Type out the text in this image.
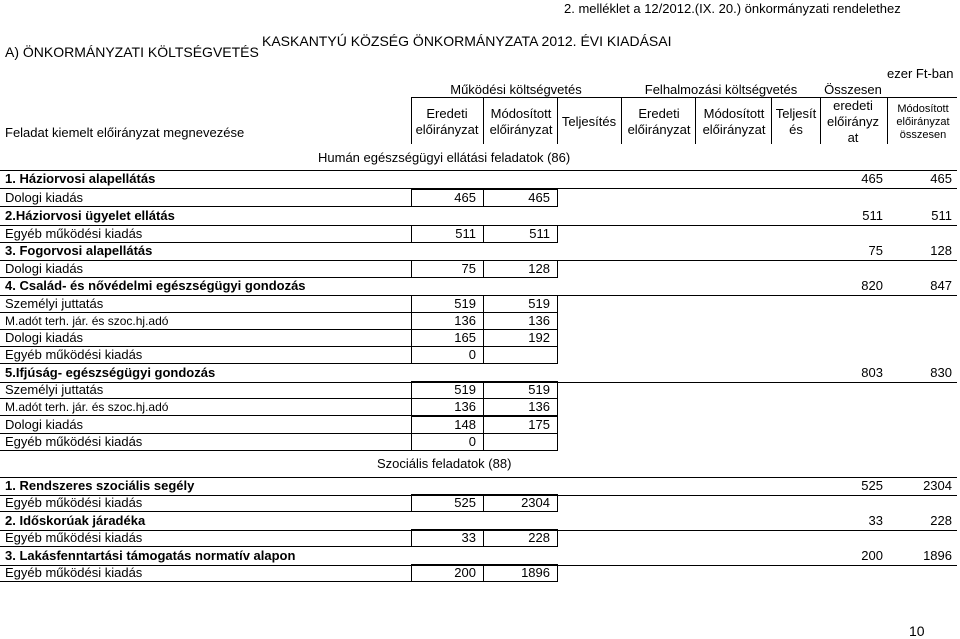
2. melléklet a 12/2012.(IX. 20.) önkormányzati rendelethez
A) ÖNKORMÁNYZATI KÖLTSÉGVETÉS
KASKANTYÚ KÖZSÉG ÖNKORMÁNYZATA 2012. ÉVI KIADÁSAI
ezer Ft-ban
Feladat kiemelt előirányzat megnevezése
Működési költségvetés	Felhalmozási költségvetés
Eredeti
előirányzat
Módosított
előirányzat
Teljesítés
Eredeti
előirányzat
Módosított
előirányzat
Teljesít
és
Összesen
eredeti
előirányz
at
Módosított
előirányzat
összesen
Humán egészségügyi ellátási feladatok (86)
Szociális feladatok (88)
1. Háziorvosi alapellátás	465	465
Dologi kiadás	465	465
2.Háziorvosi ügyelet ellátás	511	511
Egyéb működési kiadás	511	511
3. Fogorvosi alapellátás	75	128
Dologi kiadás	75	128
4. Család- és nővédelmi egészségügyi gondozás	820	847
Személyi juttatás	519	519
M.adót terh. jár. és szoc.hj.adó	136	136
Dologi kiadás	165	192
Egyéb működési kiadás	0
5.Ifjúság- egészségügyi gondozás	803	830
Személyi juttatás	519	519
M.adót terh. jár. és szoc.hj.adó	136	136
Dologi kiadás	148	175
Egyéb működési kiadás	0
1. Rendszeres szociális segély	525	2304
Egyéb működési kiadás	525	2304
2. Időskorúak járadéka	33	228
Egyéb működési kiadás	33	228
3. Lakásfenntartási támogatás normatív alapon	200	1896
Egyéb működési kiadás	200	1896
10
